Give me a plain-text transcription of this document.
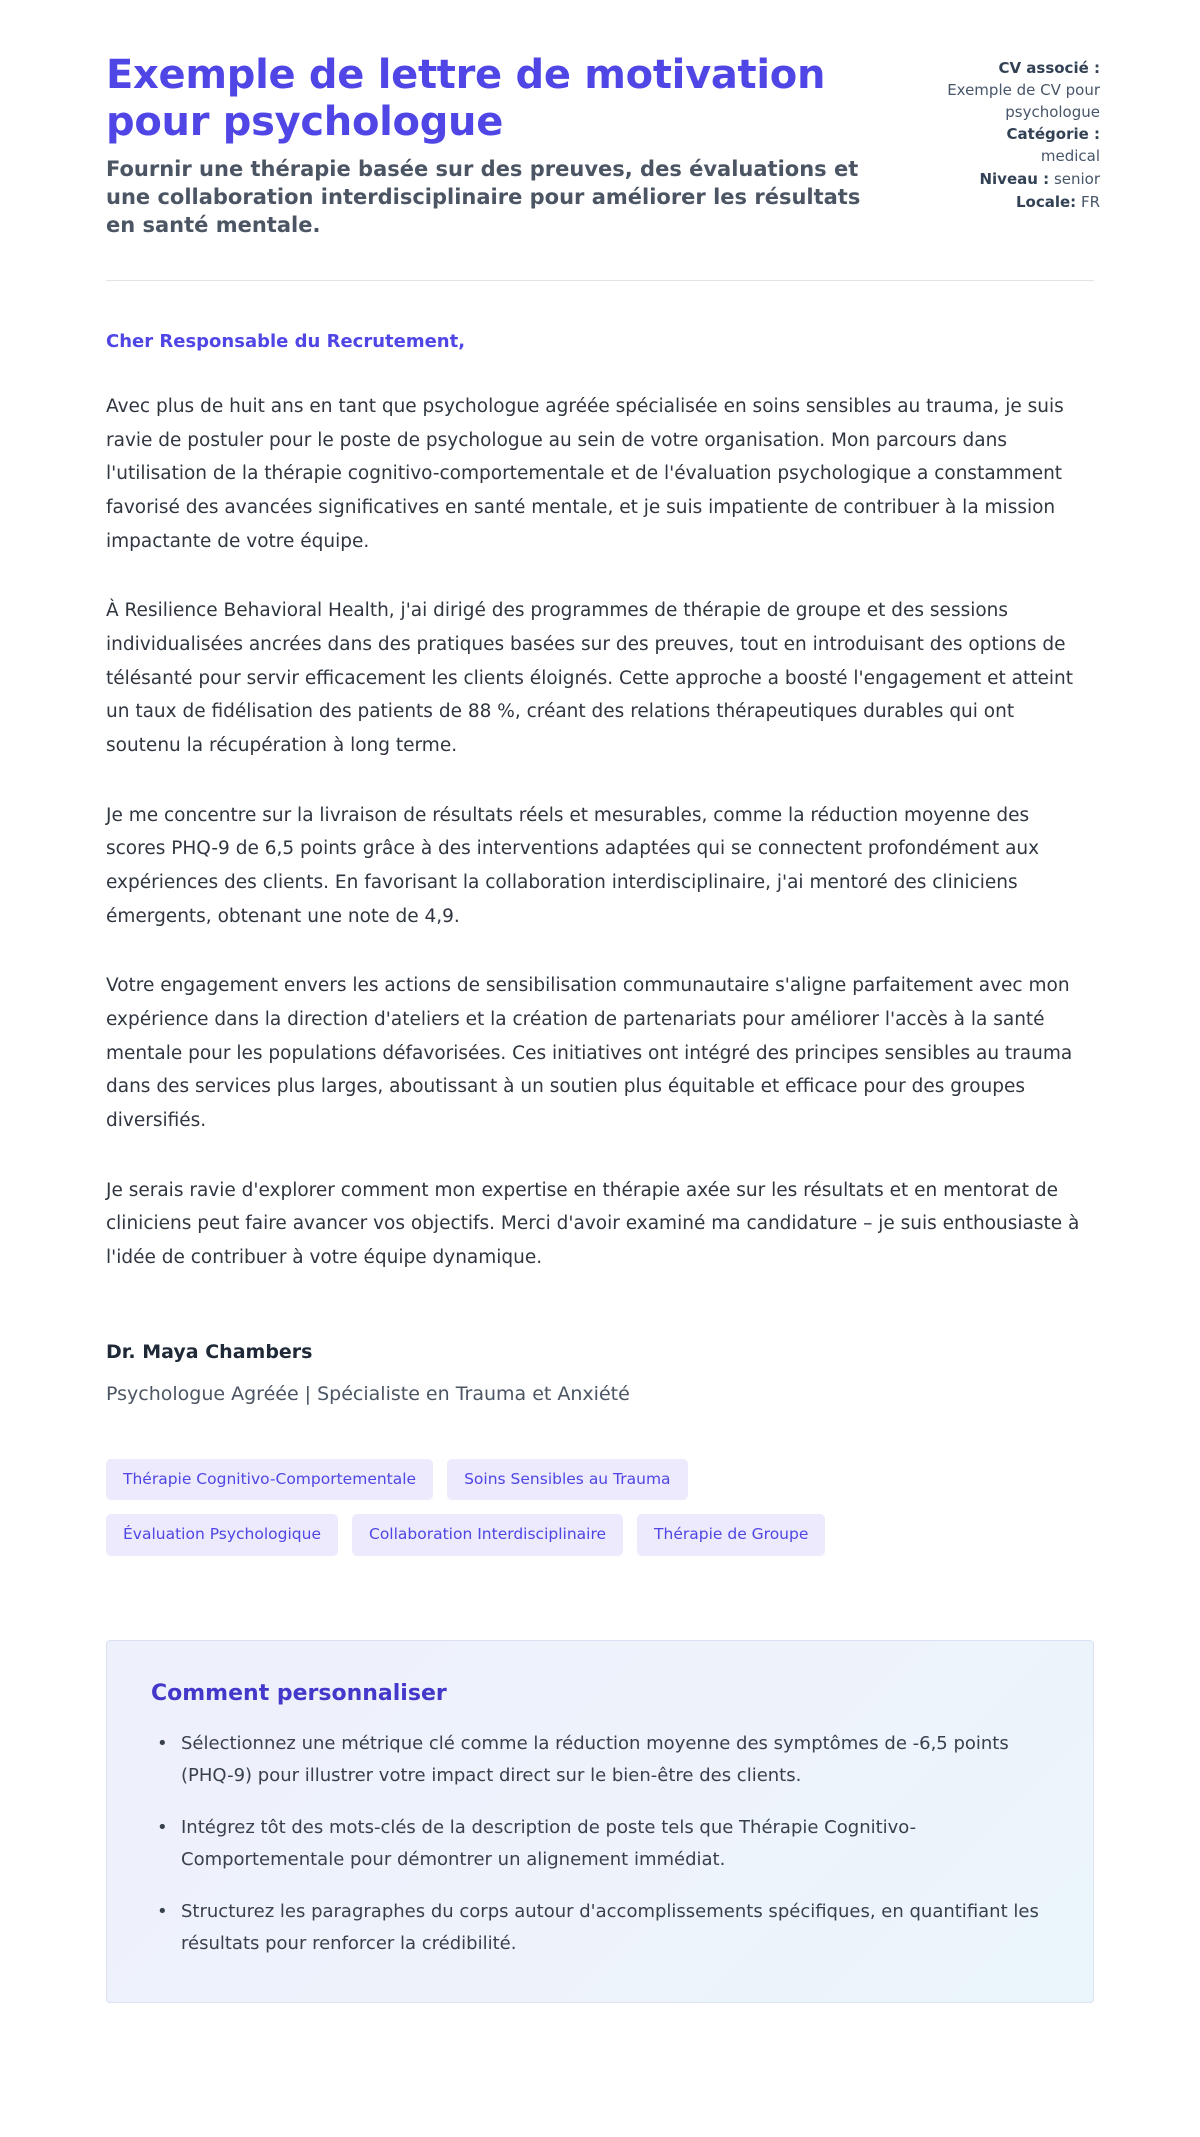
Exemple de lettre de motivation pour psychologue

Fournir une thérapie basée sur des preuves, des évaluations et une collaboration interdisciplinaire pour améliorer les résultats en santé mentale.

CV associé :
Exemple de CV pour psychologue
Catégorie :
medical
Niveau : senior
Locale: FR

Cher Responsable du Recrutement,

Avec plus de huit ans en tant que psychologue agréée spécialisée en soins sensibles au trauma, je suis ravie de postuler pour le poste de psychologue au sein de votre organisation. Mon parcours dans l'utilisation de la thérapie cognitivo-comportementale et de l'évaluation psychologique a constamment favorisé des avancées significatives en santé mentale, et je suis impatiente de contribuer à la mission impactante de votre équipe.

À Resilience Behavioral Health, j'ai dirigé des programmes de thérapie de groupe et des sessions individualisées ancrées dans des pratiques basées sur des preuves, tout en introduisant des options de télésanté pour servir efficacement les clients éloignés. Cette approche a boosté l'engagement et atteint un taux de fidélisation des patients de 88 %, créant des relations thérapeutiques durables qui ont soutenu la récupération à long terme.

Je me concentre sur la livraison de résultats réels et mesurables, comme la réduction moyenne des scores PHQ-9 de 6,5 points grâce à des interventions adaptées qui se connectent profondément aux expériences des clients. En favorisant la collaboration interdisciplinaire, j'ai mentoré des cliniciens émergents, obtenant une note de 4,9.

Votre engagement envers les actions de sensibilisation communautaire s'aligne parfaitement avec mon expérience dans la direction d'ateliers et la création de partenariats pour améliorer l'accès à la santé mentale pour les populations défavorisées. Ces initiatives ont intégré des principes sensibles au trauma dans des services plus larges, aboutissant à un soutien plus équitable et efficace pour des groupes diversifiés.

Je serais ravie d'explorer comment mon expertise en thérapie axée sur les résultats et en mentorat de cliniciens peut faire avancer vos objectifs. Merci d'avoir examiné ma candidature – je suis enthousiaste à l'idée de contribuer à votre équipe dynamique.

Dr. Maya Chambers

Psychologue Agréée | Spécialiste en Trauma et Anxiété

Thérapie Cognitivo-Comportementale	Soins Sensibles au Trauma
Évaluation Psychologique	Collaboration Interdisciplinaire	Thérapie de Groupe
Comment personnaliser
• Sélectionnez une métrique clé comme la réduction moyenne des symptômes de -6,5 points (PHQ-9) pour illustrer votre impact direct sur le bien-être des clients.
• Intégrez tôt des mots-clés de la description de poste tels que Thérapie Cognitivo-Comportementale pour démontrer un alignement immédiat.
• Structurez les paragraphes du corps autour d'accomplissements spécifiques, en quantifiant les résultats pour renforcer la crédibilité.
